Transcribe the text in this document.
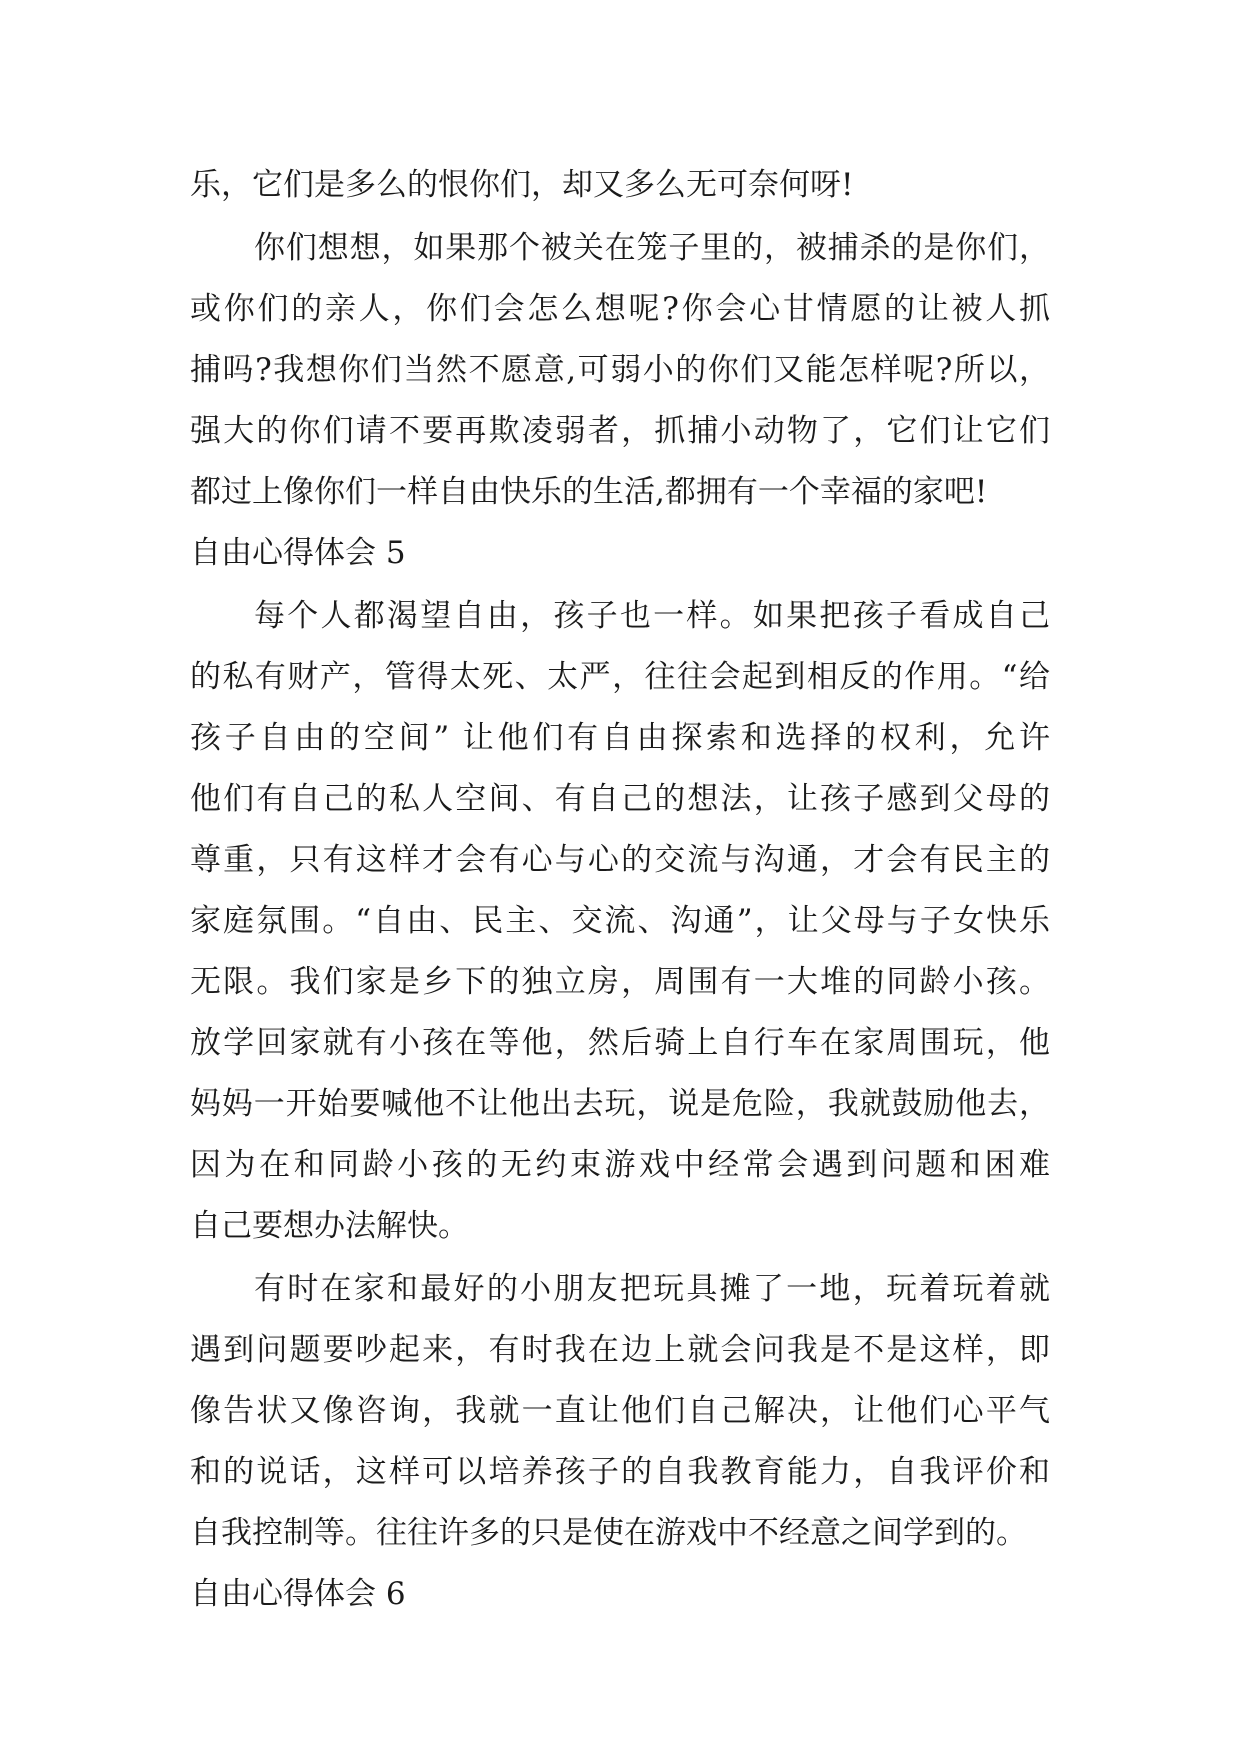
乐，它们是多么的恨你们，却又多么无可奈何呀!
你们想想，如果那个被关在笼子里的，被捕杀的是你们，
或你们的亲人，你们会怎么想呢?你会心甘情愿的让被人抓
捕吗?我想你们当然不愿意,可弱小的你们又能怎样呢?所以，
强大的你们请不要再欺凌弱者，抓捕小动物了，它们让它们
都过上像你们一样自由快乐的生活,都拥有一个幸福的家吧!
自由心得体会 5
每个人都渴望自由，孩子也一样。如果把孩子看成自己
的私有财产，管得太死、太严，往往会起到相反的作用。“给
孩子自由的空间” 让他们有自由探索和选择的权利，允许
他们有自己的私人空间、有自己的想法，让孩子感到父母的
尊重，只有这样才会有心与心的交流与沟通，才会有民主的
家庭氛围。“自由、民主、交流、沟通”，让父母与子女快乐
无限。我们家是乡下的独立房，周围有一大堆的同龄小孩。
放学回家就有小孩在等他，然后骑上自行车在家周围玩，他
妈妈一开始要喊他不让他出去玩，说是危险，我就鼓励他去，
因为在和同龄小孩的无约束游戏中经常会遇到问题和困难
自己要想办法解快。
有时在家和最好的小朋友把玩具摊了一地，玩着玩着就
遇到问题要吵起来，有时我在边上就会问我是不是这样，即
像告状又像咨询，我就一直让他们自己解决，让他们心平气
和的说话，这样可以培养孩子的自我教育能力，自我评价和
自我控制等。往往许多的只是使在游戏中不经意之间学到的。
自由心得体会 6
